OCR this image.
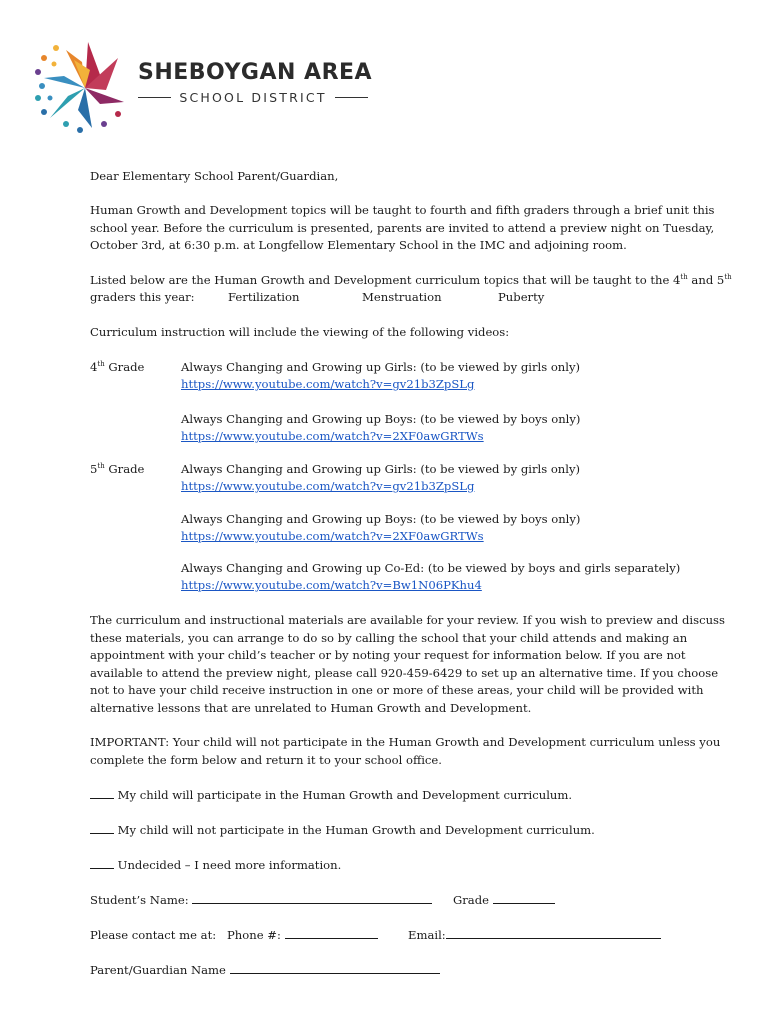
SHEBOYGAN AREA
SCHOOL DISTRICT
Dear Elementary School Parent/Guardian,
Human Growth and Development topics will be taught to fourth and fifth graders through a brief unit this
school year. Before the curriculum is presented, parents are invited to attend a preview night on Tuesday,
October 3rd, at 6:30 p.m. at Longfellow Elementary School in the IMC and adjoining room.
Listed below are the Human Growth and Development curriculum topics that will be taught to the 4th and 5th
graders this year:	Fertilization	Menstruation	Puberty
Curriculum instruction will include the viewing of the following videos:
4th Grade	Always Changing and Growing up Girls: (to be viewed by girls only)
https://www.youtube.com/watch?v=gv21b3ZpSLg
Always Changing and Growing up Boys: (to be viewed by boys only)
https://www.youtube.com/watch?v=2XF0awGRTWs
5th Grade	Always Changing and Growing up Girls: (to be viewed by girls only)
https://www.youtube.com/watch?v=gv21b3ZpSLg
Always Changing and Growing up Boys: (to be viewed by boys only)
https://www.youtube.com/watch?v=2XF0awGRTWs
Always Changing and Growing up Co-Ed: (to be viewed by boys and girls separately)
https://www.youtube.com/watch?v=Bw1N06PKhu4
The curriculum and instructional materials are available for your review. If you wish to preview and discuss
these materials, you can arrange to do so by calling the school that your child attends and making an
appointment with your child’s teacher or by noting your request for information below. If you are not
available to attend the preview night, please call 920-459-6429 to set up an alternative time. If you choose
not to have your child receive instruction in one or more of these areas, your child will be provided with
alternative lessons that are unrelated to Human Growth and Development.
IMPORTANT: Your child will not participate in the Human Growth and Development curriculum unless you
complete the form below and return it to your school office.
My child will participate in the Human Growth and Development curriculum.
My child will not participate in the Human Growth and Development curriculum.
Undecided – I need more information.
Student’s Name:	Grade
Please contact me at: Phone #:	Email:
Parent/Guardian Name
